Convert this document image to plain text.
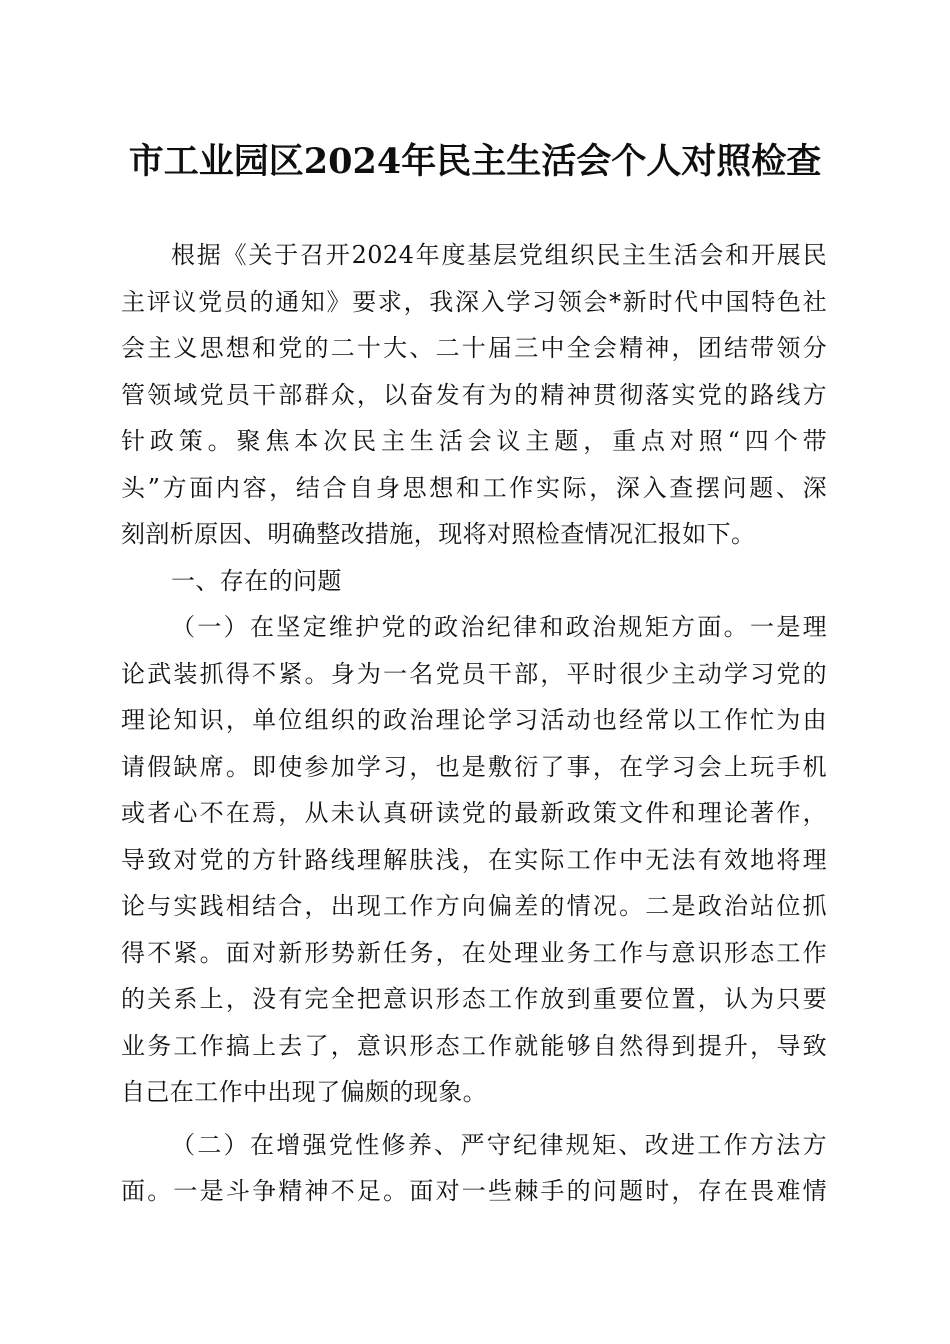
市工业园区2024年民主生活会个人对照检查
根据《关于召开2024年度基层党组织民主生活会和开展民
主评议党员的通知》要求，我深入学习领会*新时代中国特色社
会主义思想和党的二十大、二十届三中全会精神，团结带领分
管领域党员干部群众，以奋发有为的精神贯彻落实党的路线方
针政策。聚焦本次民主生活会议主题，重点对照“四个带
头”方面内容，结合自身思想和工作实际，深入查摆问题、深
刻剖析原因、明确整改措施，现将对照检查情况汇报如下。
一、存在的问题
（一）在坚定维护党的政治纪律和政治规矩方面。一是理
论武装抓得不紧。身为一名党员干部，平时很少主动学习党的
理论知识，单位组织的政治理论学习活动也经常以工作忙为由
请假缺席。即使参加学习，也是敷衍了事，在学习会上玩手机
或者心不在焉，从未认真研读党的最新政策文件和理论著作，
导致对党的方针路线理解肤浅，在实际工作中无法有效地将理
论与实践相结合，出现工作方向偏差的情况。二是政治站位抓
得不紧。面对新形势新任务，在处理业务工作与意识形态工作
的关系上，没有完全把意识形态工作放到重要位置，认为只要
业务工作搞上去了，意识形态工作就能够自然得到提升，导致
自己在工作中出现了偏颇的现象。
（二）在增强党性修养、严守纪律规矩、改进工作方法方
面。一是斗争精神不足。面对一些棘手的问题时，存在畏难情
